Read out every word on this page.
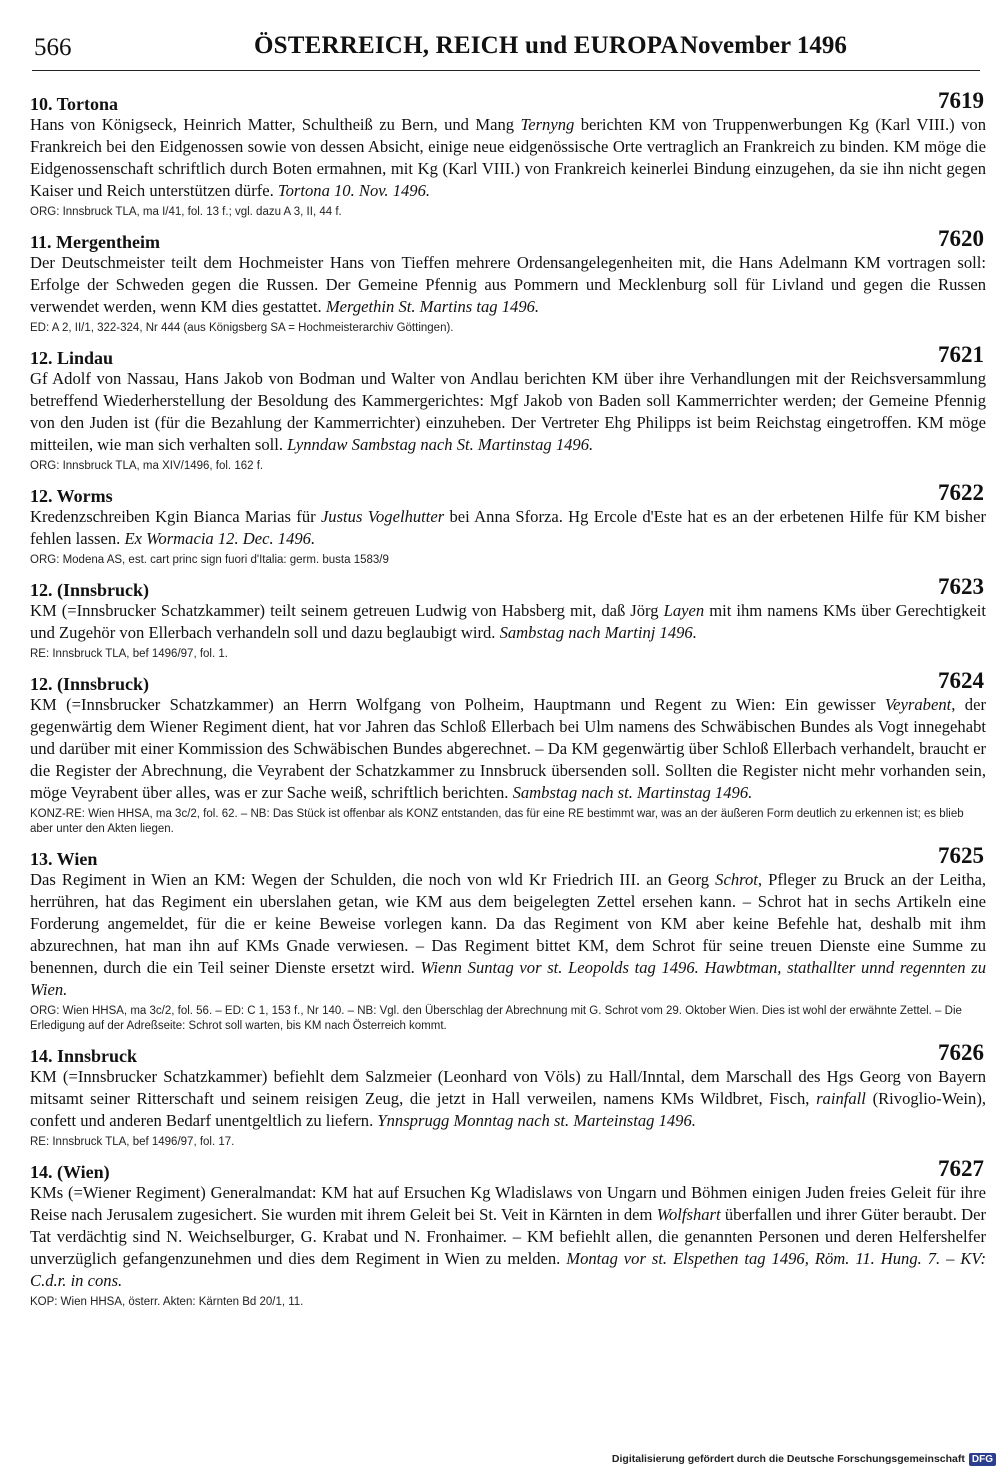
566	ÖSTERREICH, REICH und EUROPA November 1496
10. Tortona	7619
Hans von Königseck, Heinrich Matter, Schultheiß zu Bern, und Mang Ternyng berichten KM von Truppenwerbungen Kg (Karl VIII.) von Frankreich bei den Eidgenossen sowie von dessen Absicht, einige neue eidgenössische Orte vertraglich an Frankreich zu binden. KM möge die Eidgenossenschaft schriftlich durch Boten ermahnen, mit Kg (Karl VIII.) von Frankreich keinerlei Bindung einzugehen, da sie ihn nicht gegen Kaiser und Reich unterstützen dürfe. Tortona 10. Nov. 1496.
ORG: Innsbruck TLA, ma I/41, fol. 13 f.; vgl. dazu A 3, II, 44 f.
11. Mergentheim	7620
Der Deutschmeister teilt dem Hochmeister Hans von Tieffen mehrere Ordensangelegenheiten mit, die Hans Adelmann KM vortragen soll: Erfolge der Schweden gegen die Russen. Der Gemeine Pfennig aus Pommern und Mecklenburg soll für Livland und gegen die Russen verwendet werden, wenn KM dies gestattet. Mergethin St. Martins tag 1496.
ED: A 2, II/1, 322-324, Nr 444 (aus Königsberg SA = Hochmeisterarchiv Göttingen).
12. Lindau	7621
Gf Adolf von Nassau, Hans Jakob von Bodman und Walter von Andlau berichten KM über ihre Verhandlungen mit der Reichsversammlung betreffend Wiederherstellung der Besoldung des Kammergerichtes: Mgf Jakob von Baden soll Kammerrichter werden; der Gemeine Pfennig von den Juden ist (für die Bezahlung der Kammerrichter) einzuheben. Der Vertreter Ehg Philipps ist beim Reichstag eingetroffen. KM möge mitteilen, wie man sich verhalten soll. Lynndaw Sambstag nach St. Martinstag 1496.
ORG: Innsbruck TLA, ma XIV/1496, fol. 162 f.
12. Worms	7622
Kredenzschreiben Kgin Bianca Marias für Justus Vogelhutter bei Anna Sforza. Hg Ercole d'Este hat es an der erbetenen Hilfe für KM bisher fehlen lassen. Ex Wormacia 12. Dec. 1496.
ORG: Modena AS, est. cart princ sign fuori d'Italia: germ. busta 1583/9
12. (Innsbruck)	7623
KM (=Innsbrucker Schatzkammer) teilt seinem getreuen Ludwig von Habsberg mit, daß Jörg Layen mit ihm namens KMs über Gerechtigkeit und Zugehör von Ellerbach verhandeln soll und dazu beglaubigt wird. Sambstag nach Martinj 1496.
RE: Innsbruck TLA, bef 1496/97, fol. 1.
12. (Innsbruck)	7624
KM (=Innsbrucker Schatzkammer) an Herrn Wolfgang von Polheim, Hauptmann und Regent zu Wien: Ein gewisser Veyrabent, der gegenwärtig dem Wiener Regiment dient, hat vor Jahren das Schloß Ellerbach bei Ulm namens des Schwäbischen Bundes als Vogt innegehabt und darüber mit einer Kommission des Schwäbischen Bundes abgerechnet. – Da KM gegenwärtig über Schloß Ellerbach verhandelt, braucht er die Register der Abrechnung, die Veyrabent der Schatzkammer zu Innsbruck übersenden soll. Sollten die Register nicht mehr vorhanden sein, möge Veyrabent über alles, was er zur Sache weiß, schriftlich berichten. Sambstag nach st. Martinstag 1496.
KONZ-RE: Wien HHSA, ma 3c/2, fol. 62. – NB: Das Stück ist offenbar als KONZ entstanden, das für eine RE bestimmt war, was an der äußeren Form deutlich zu erkennen ist; es blieb aber unter den Akten liegen.
13. Wien	7625
Das Regiment in Wien an KM: Wegen der Schulden, die noch von wld Kr Friedrich III. an Georg Schrot, Pfleger zu Bruck an der Leitha, herrühren, hat das Regiment ein uberslahen getan, wie KM aus dem beigelegten Zettel ersehen kann. – Schrot hat in sechs Artikeln eine Forderung angemeldet, für die er keine Beweise vorlegen kann. Da das Regiment von KM aber keine Befehle hat, deshalb mit ihm abzurechnen, hat man ihn auf KMs Gnade verwiesen. – Das Regiment bittet KM, dem Schrot für seine treuen Dienste eine Summe zu benennen, durch die ein Teil seiner Dienste ersetzt wird. Wienn Suntag vor st. Leopolds tag 1496. Hawbtman, stathallter unnd regennten zu Wien.
ORG: Wien HHSA, ma 3c/2, fol. 56. – ED: C 1, 153 f., Nr 140. – NB: Vgl. den Überschlag der Abrechnung mit G. Schrot vom 29. Oktober Wien. Dies ist wohl der erwähnte Zettel. – Die Erledigung auf der Adreßseite: Schrot soll warten, bis KM nach Österreich kommt.
14. Innsbruck	7626
KM (=Innsbrucker Schatzkammer) befiehlt dem Salzmeier (Leonhard von Völs) zu Hall/Inntal, dem Marschall des Hgs Georg von Bayern mitsamt seiner Ritterschaft und seinem reisigen Zeug, die jetzt in Hall verweilen, namens KMs Wildbret, Fisch, rainfall (Rivoglio-Wein), confett und anderen Bedarf unentgeltlich zu liefern. Ynnsprugg Monntag nach st. Marteinstag 1496.
RE: Innsbruck TLA, bef 1496/97, fol. 17.
14. (Wien)	7627
KMs (=Wiener Regiment) Generalmandat: KM hat auf Ersuchen Kg Wladislaws von Ungarn und Böhmen einigen Juden freies Geleit für ihre Reise nach Jerusalem zugesichert. Sie wurden mit ihrem Geleit bei St. Veit in Kärnten in dem Wolfshart überfallen und ihrer Güter beraubt. Der Tat verdächtig sind N. Weichselburger, G. Krabat und N. Fronhaimer. – KM befiehlt allen, die genannten Personen und deren Helfershelfer unverzüglich gefangenzunehmen und dies dem Regiment in Wien zu melden. Montag vor st. Elspethen tag 1496, Röm. 11. Hung. 7. – KV: C.d.r. in cons.
KOP: Wien HHSA, österr. Akten: Kärnten Bd 20/1, 11.
Digitalisierung gefördert durch die Deutsche Forschungsgemeinschaft DFG
